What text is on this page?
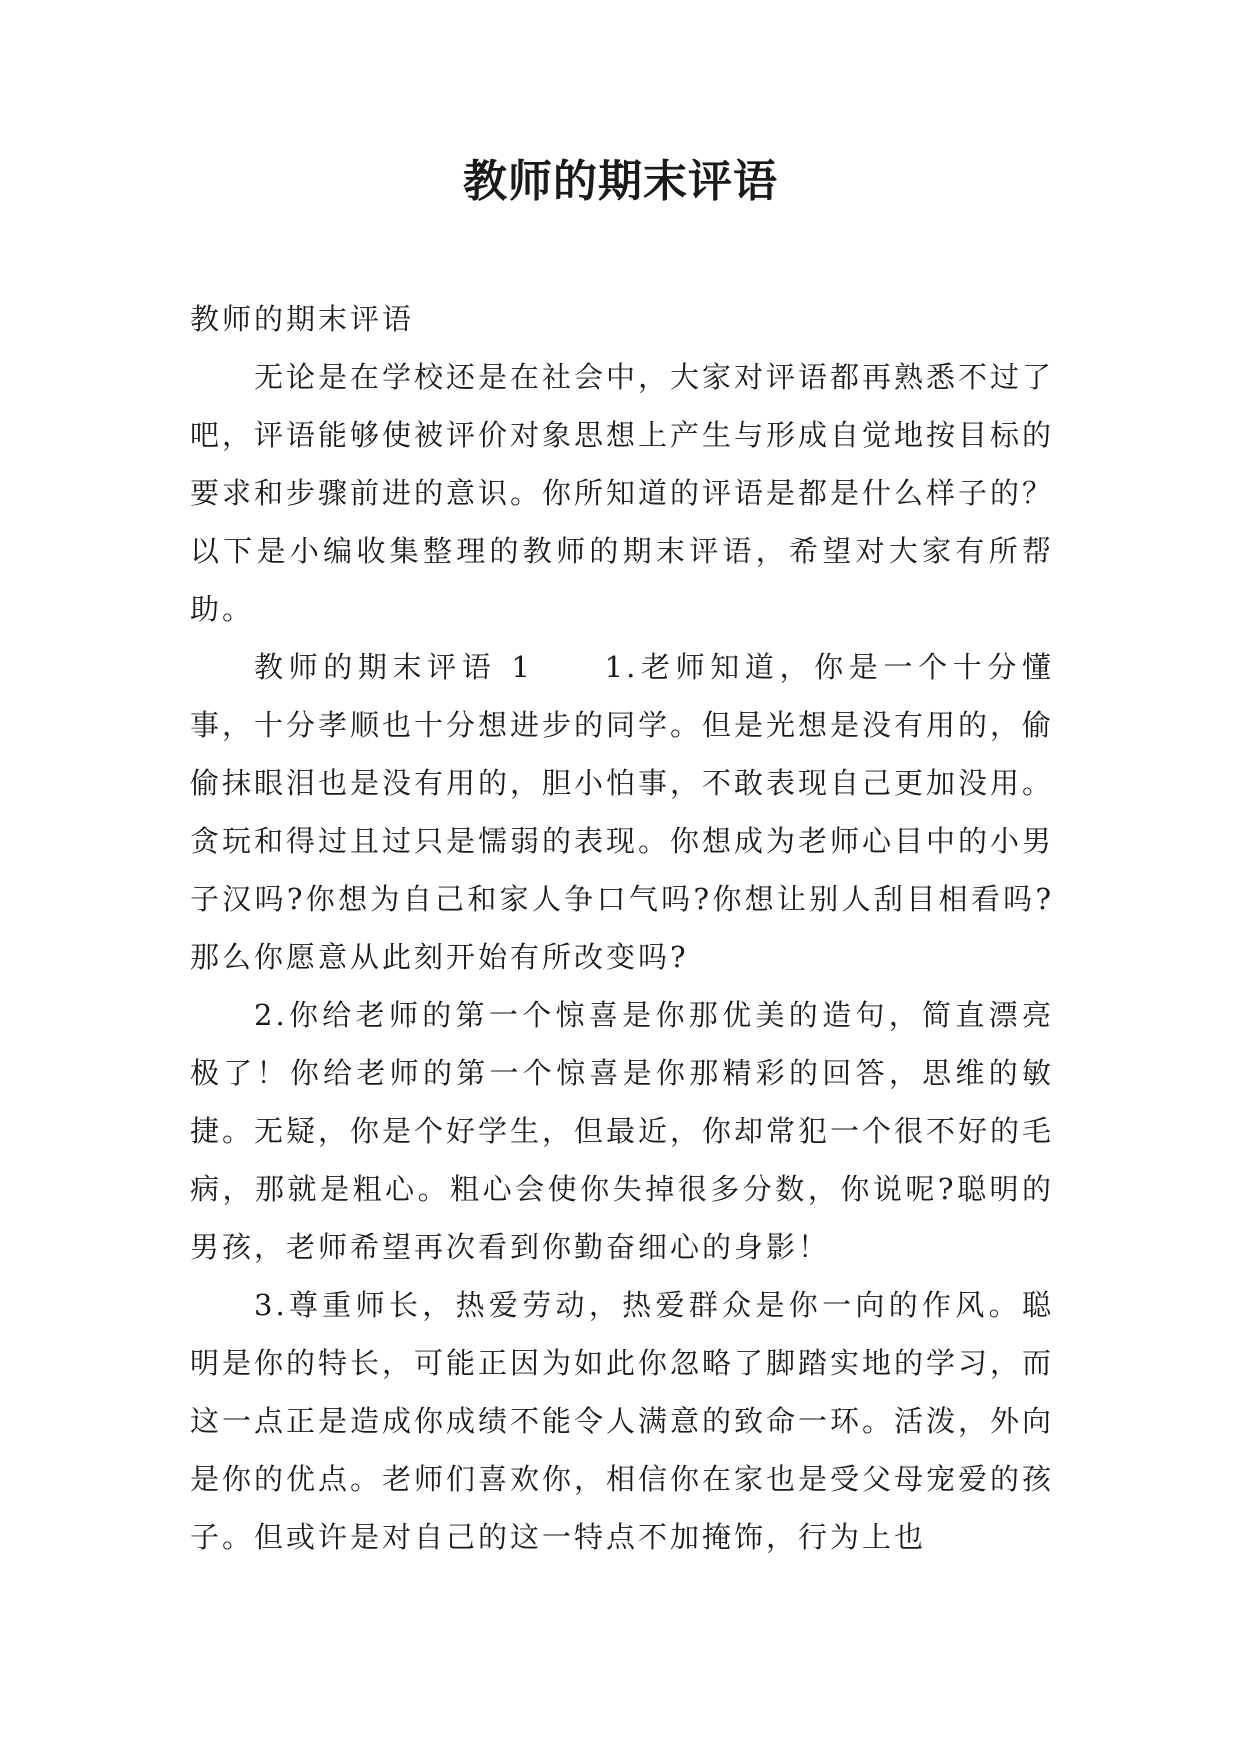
教师的期末评语

教师的期末评语

无论是在学校还是在社会中，大家对评语都再熟悉不过了吧，评语能够使被评价对象思想上产生与形成自觉地按目标的要求和步骤前进的意识。你所知道的评语是都是什么样子的？以下是小编收集整理的教师的期末评语，希望对大家有所帮助。

教师的期末评语 1　　1.老师知道，你是一个十分懂事，十分孝顺也十分想进步的同学。但是光想是没有用的，偷偷抹眼泪也是没有用的，胆小怕事，不敢表现自己更加没用。贪玩和得过且过只是懦弱的表现。你想成为老师心目中的小男子汉吗?你想为自己和家人争口气吗?你想让别人刮目相看吗?那么你愿意从此刻开始有所改变吗?

2.你给老师的第一个惊喜是你那优美的造句，简直漂亮极了！你给老师的第一个惊喜是你那精彩的回答，思维的敏捷。无疑，你是个好学生，但最近，你却常犯一个很不好的毛病，那就是粗心。粗心会使你失掉很多分数，你说呢?聪明的男孩，老师希望再次看到你勤奋细心的身影！

3.尊重师长，热爱劳动，热爱群众是你一向的作风。聪明是你的特长，可能正因为如此你忽略了脚踏实地的学习，而这一点正是造成你成绩不能令人满意的致命一环。活泼，外向是你的优点。老师们喜欢你，相信你在家也是受父母宠爱的孩子。但或许是对自己的这一特点不加掩饰，行为上也
